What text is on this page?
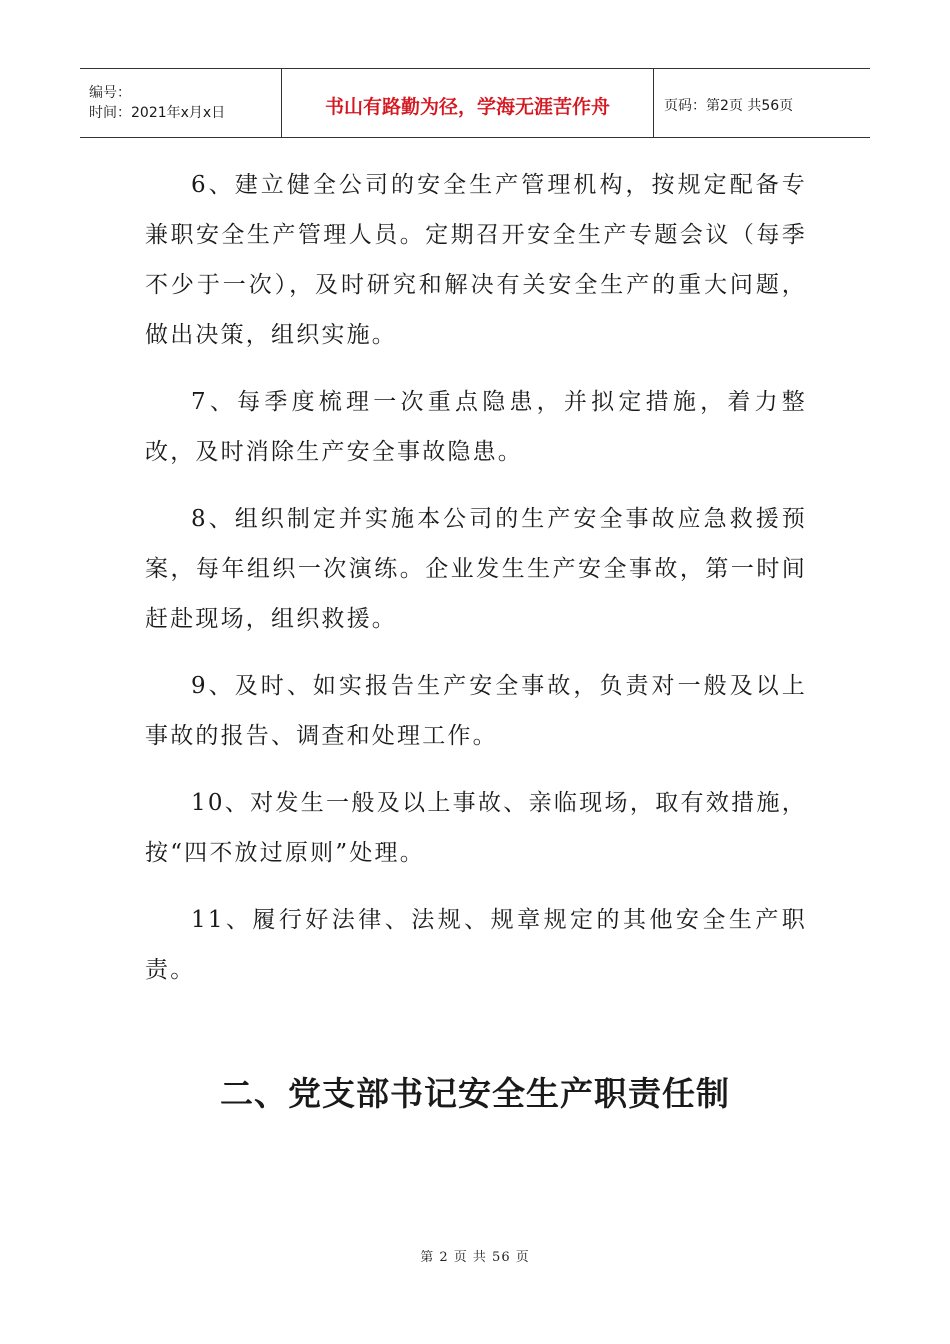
编号：
时间：2021年x月x日	书山有路勤为径，学海无涯苦作舟	页码：第2页 共56页

6、建立健全公司的安全生产管理机构，按规定配备专兼职安全生产管理人员。定期召开安全生产专题会议（每季不少于一次），及时研究和解决有关安全生产的重大问题，做出决策，组织实施。

7、每季度梳理一次重点隐患，并拟定措施，着力整改，及时消除生产安全事故隐患。

8、组织制定并实施本公司的生产安全事故应急救援预案，每年组织一次演练。企业发生生产安全事故，第一时间赶赴现场，组织救援。

9、及时、如实报告生产安全事故，负责对一般及以上事故的报告、调查和处理工作。

10、对发生一般及以上事故、亲临现场，取有效措施，按“四不放过原则”处理。

11、履行好法律、法规、规章规定的其他安全生产职责。

二、党支部书记安全生产职责任制
第 2 页 共 56 页
